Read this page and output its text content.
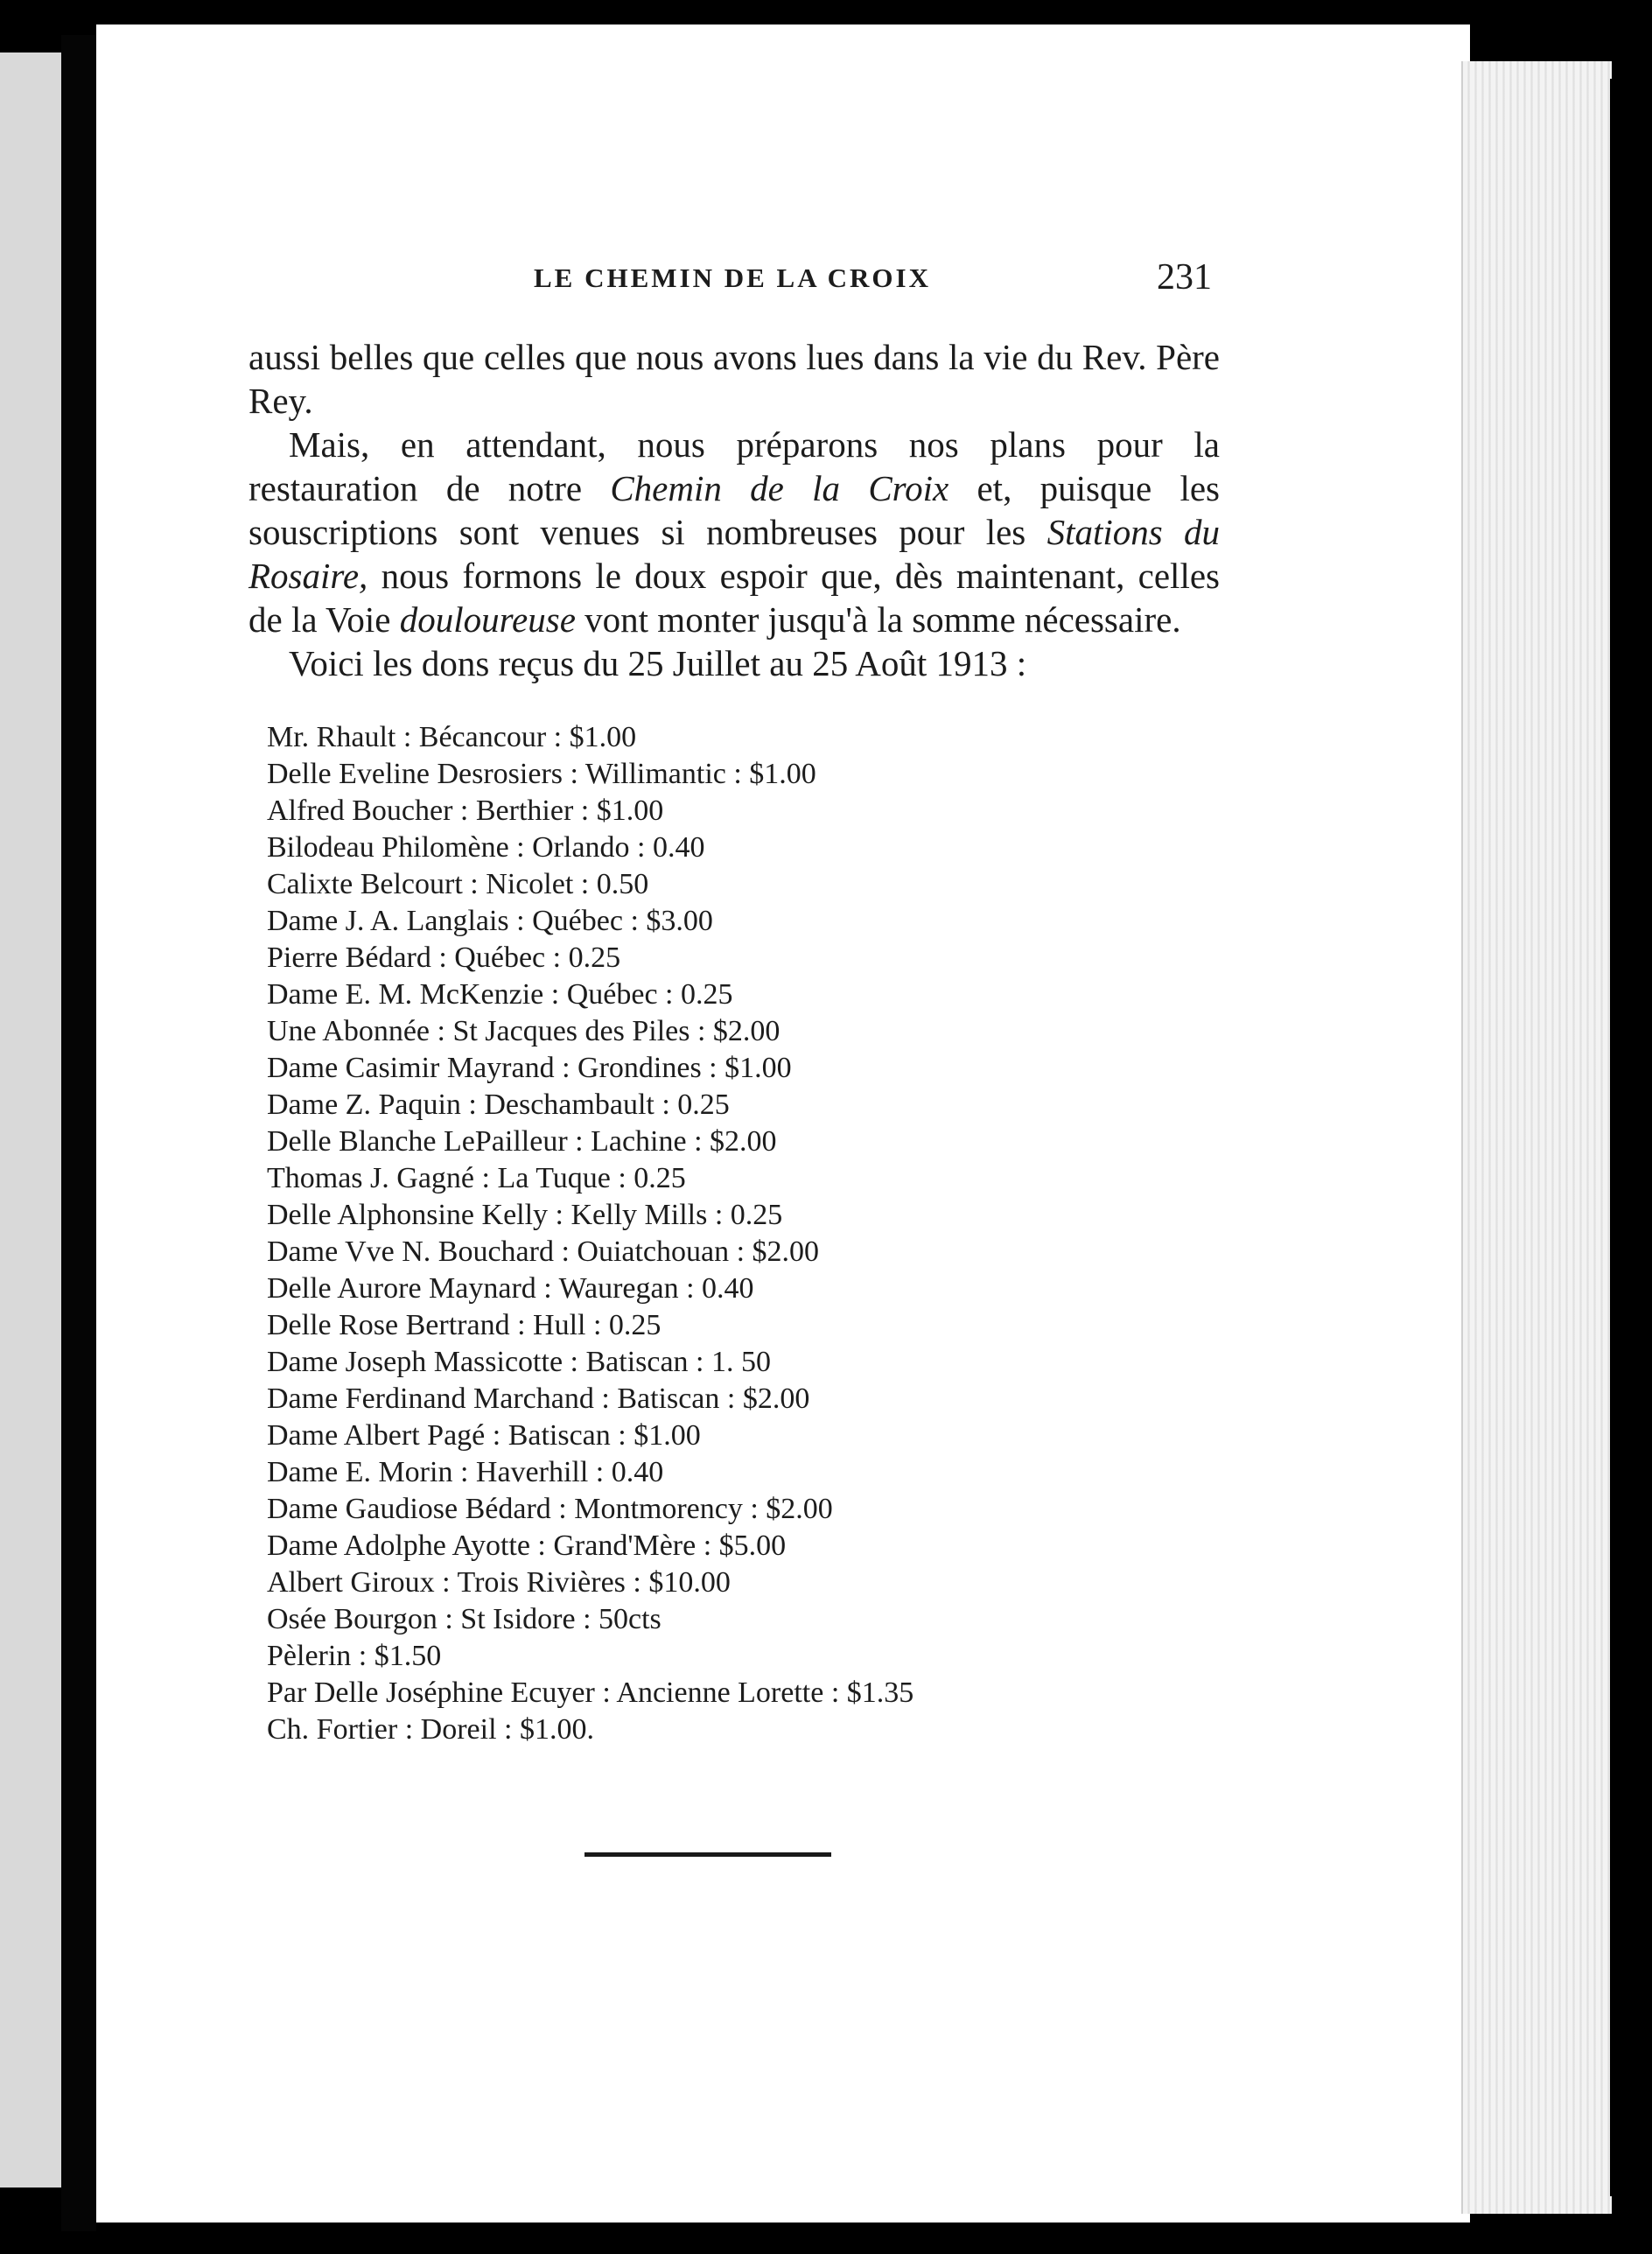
LE CHEMIN DE LA CROIX	231

aussi belles que celles que nous avons lues dans la vie du Rev. Père Rey.

Mais, en attendant, nous préparons nos plans pour la restauration de notre Chemin de la Croix et, puisque les souscriptions sont venues si nombreuses pour les Stations du Rosaire, nous formons le doux espoir que, dès maintenant, celles de la Voie douloureuse vont monter jusqu'à la somme nécessaire.

Voici les dons reçus du 25 Juillet au 25 Août 1913 :

Mr. Rhault : Bécancour : $1.00
Delle Eveline Desrosiers : Willimantic : $1.00
Alfred Boucher : Berthier : $1.00
Bilodeau Philomène : Orlando : 0.40
Calixte Belcourt : Nicolet : 0.50
Dame J. A. Langlais : Québec : $3.00
Pierre Bédard : Québec : 0.25
Dame E. M. McKenzie : Québec : 0.25
Une Abonnée : St Jacques des Piles : $2.00
Dame Casimir Mayrand : Grondines : $1.00
Dame Z. Paquin : Deschambault : 0.25
Delle Blanche LePailleur : Lachine : $2.00
Thomas J. Gagné : La Tuque : 0.25
Delle Alphonsine Kelly : Kelly Mills : 0.25
Dame Vve N. Bouchard : Ouiatchouan : $2.00
Delle Aurore Maynard : Wauregan : 0.40
Delle Rose Bertrand : Hull : 0.25
Dame Joseph Massicotte : Batiscan : 1. 50
Dame Ferdinand Marchand : Batiscan : $2.00
Dame Albert Pagé : Batiscan : $1.00
Dame E. Morin : Haverhill : 0.40
Dame Gaudiose Bédard : Montmorency : $2.00
Dame Adolphe Ayotte : Grand'Mère : $5.00
Albert Giroux : Trois Rivières : $10.00
Osée Bourgon : St Isidore : 50cts
Pèlerin : $1.50
Par Delle Joséphine Ecuyer : Ancienne Lorette : $1.35
Ch. Fortier : Doreil : $1.00.
